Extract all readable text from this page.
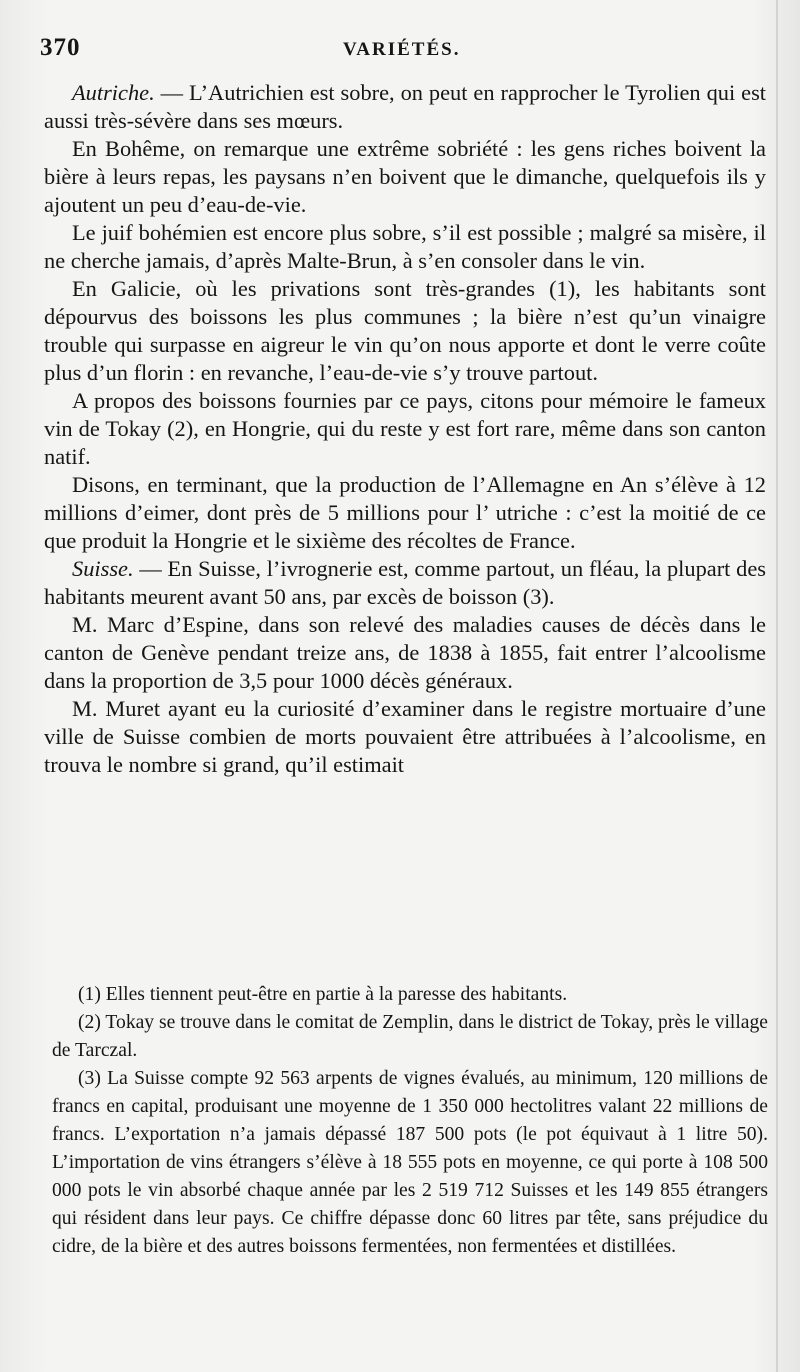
370	VARIÉTÉS.

Autriche. — L’Autrichien est sobre, on peut en rapprocher le Tyrolien qui est aussi très-sévère dans ses mœurs.

En Bohême, on remarque une extrême sobriété : les gens riches boivent la bière à leurs repas, les paysans n’en boivent que le dimanche, quelquefois ils y ajoutent un peu d’eau-de-vie.

Le juif bohémien est encore plus sobre, s’il est possible ; malgré sa misère, il ne cherche jamais, d’après Malte-Brun, à s’en consoler dans le vin.

En Galicie, où les privations sont très-grandes (1), les habitants sont dépourvus des boissons les plus communes ; la bière n’est qu’un vinaigre trouble qui surpasse en aigreur le vin qu’on nous apporte et dont le verre coûte plus d’un florin : en revanche, l’eau-de-vie s’y trouve partout.

A propos des boissons fournies par ce pays, citons pour mémoire le fameux vin de Tokay (2), en Hongrie, qui du reste y est fort rare, même dans son canton natif.

Disons, en terminant, que la production de l’Allemagne en An s’élève à 12 millions d’eimer, dont près de 5 millions pour l’ utriche : c’est la moitié de ce que produit la Hongrie et le sixième des récoltes de France.

Suisse. — En Suisse, l’ivrognerie est, comme partout, un fléau, la plupart des habitants meurent avant 50 ans, par excès de boisson (3).

M. Marc d’Espine, dans son relevé des maladies causes de décès dans le canton de Genève pendant treize ans, de 1838 à 1855, fait entrer l’alcoolisme dans la proportion de 3,5 pour 1000 décès généraux.

M. Muret ayant eu la curiosité d’examiner dans le registre mortuaire d’une ville de Suisse combien de morts pouvaient être attribuées à l’alcoolisme, en trouva le nombre si grand, qu’il estimait

(1) Elles tiennent peut-être en partie à la paresse des habitants.

(2) Tokay se trouve dans le comitat de Zemplin, dans le district de Tokay, près le village de Tarczal.

(3) La Suisse compte 92 563 arpents de vignes évalués, au minimum, 120 millions de francs en capital, produisant une moyenne de 1 350 000 hectolitres valant 22 millions de francs. L’exportation n’a jamais dépassé 187 500 pots (le pot équivaut à 1 litre 50). L’importation de vins étrangers s’élève à 18 555 pots en moyenne, ce qui porte à 108 500 000 pots le vin absorbé chaque année par les 2 519 712 Suisses et les 149 855 étrangers qui résident dans leur pays. Ce chiffre dépasse donc 60 litres par tête, sans préjudice du cidre, de la bière et des autres boissons fermentées, non fermentées et distillées.
